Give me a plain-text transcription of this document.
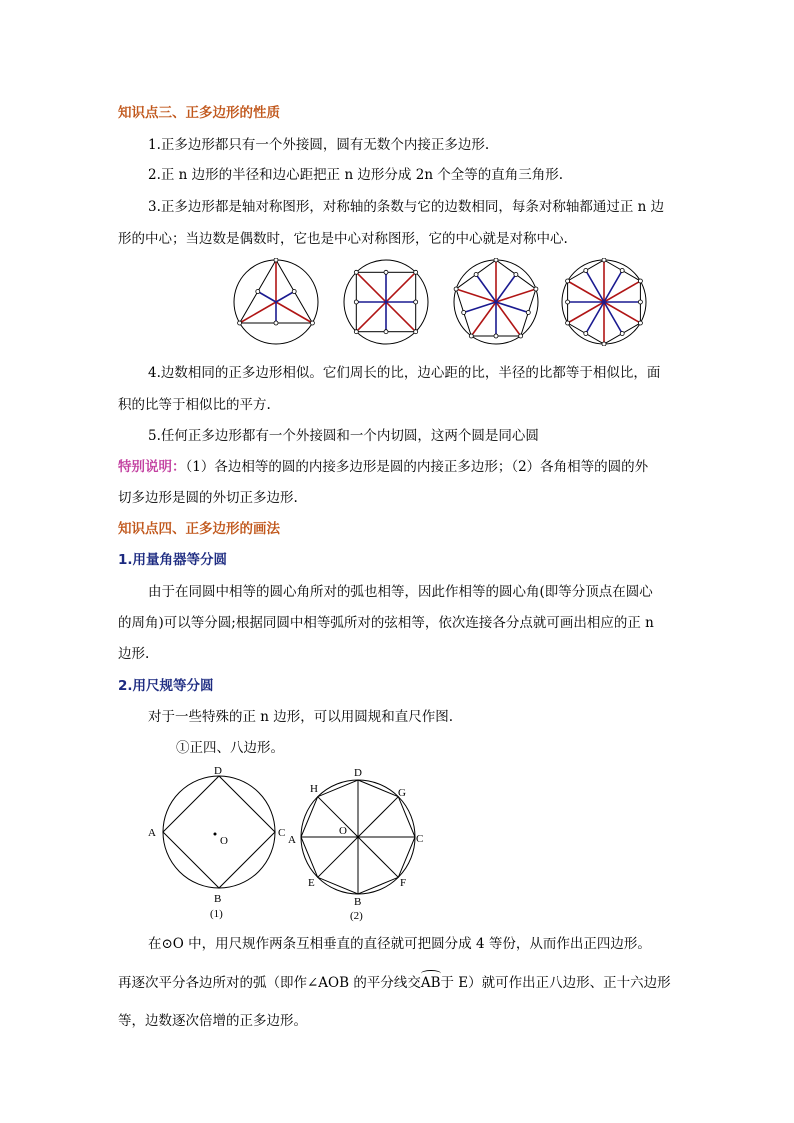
知识点三、正多边形的性质
1.正多边形都只有一个外接圆，圆有无数个内接正多边形.
2.正 n 边形的半径和边心距把正 n 边形分成 2n 个全等的直角三角形.
3.正多边形都是轴对称图形，对称轴的条数与它的边数相同，每条对称轴都通过正 n 边
形的中心；当边数是偶数时，它也是中心对称图形，它的中心就是对称中心.
4.边数相同的正多边形相似。它们周长的比，边心距的比，半径的比都等于相似比，面
积的比等于相似比的平方.
5.任何正多边形都有一个外接圆和一个内切圆，这两个圆是同心圆
特别说明：（1）各边相等的圆的内接多边形是圆的内接正多边形；（2）各角相等的圆的外
切多边形是圆的外切正多边形.
知识点四、正多边形的画法
1.用量角器等分圆
由于在同圆中相等的圆心角所对的弧也相等，因此作相等的圆心角(即等分顶点在圆心
的周角)可以等分圆;根据同圆中相等弧所对的弦相等，依次连接各分点就可画出相应的正 n
边形.
2.用尺规等分圆
对于一些特殊的正 n 边形，可以用圆规和直尺作图.
①正四、八边形。
D
A	C
B
O
(1)
D
H	G
A
O
C
E	F
B
(2)
在⊙O 中，用尺规作两条互相垂直的直径就可把圆分成 4 等份，从而作出正四边形。
再逐次平分各边所对的弧（即作∠AOB 的平分线交AB于 E）就可作出正八边形、正十六边形
等，边数逐次倍增的正多边形。
